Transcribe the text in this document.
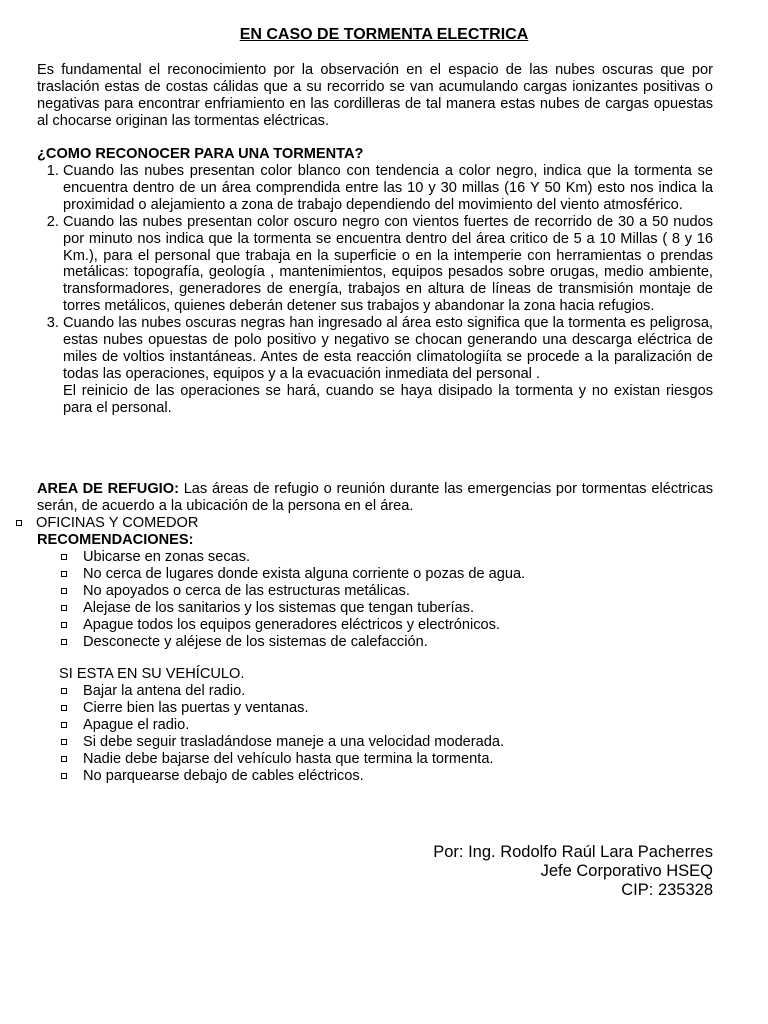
EN CASO DE TORMENTA ELECTRICA

Es fundamental el reconocimiento por la observación en el espacio de las nubes oscuras que por traslación estas de costas cálidas que a su recorrido se van acumulando cargas ionizantes positivas o negativas para encontrar enfriamiento en las cordilleras de tal manera estas nubes de cargas opuestas al chocarse originan las tormentas eléctricas.

¿COMO RECONOCER PARA UNA TORMENTA?
1. Cuando las nubes presentan color blanco con tendencia a color negro, indica que la tormenta se encuentra dentro de un área comprendida entre las 10 y 30 millas (16 Y 50 Km) esto nos indica la proximidad o alejamiento a zona de trabajo dependiendo del movimiento del viento atmosférico.
2. Cuando las nubes presentan color oscuro negro con vientos fuertes de recorrido de 30 a 50 nudos por minuto nos indica que la tormenta se encuentra dentro del área critico de 5 a 10 Millas ( 8 y 16 Km.), para el personal que trabaja en la superficie o en la intemperie con herramientas o prendas metálicas: topografía, geología , mantenimientos, equipos pesados sobre orugas, medio ambiente, transformadores, generadores de energía, trabajos en altura de líneas de transmisión montaje de torres metálicos, quienes deberán detener sus trabajos y abandonar la zona hacia refugios.
3. Cuando las nubes oscuras negras han ingresado al área esto significa que la tormenta es peligrosa, estas nubes opuestas de polo positivo y negativo se chocan generando una descarga eléctrica de miles de voltios instantáneas. Antes de esta reacción climatologiíta se procede a la paralización de todas las operaciones, equipos y a la evacuación inmediata del personal .
El reinicio de las operaciones se hará, cuando se haya disipado la tormenta y no existan riesgos para el personal.

AREA DE REFUGIO: Las áreas de refugio o reunión durante las emergencias por tormentas eléctricas serán, de acuerdo a la ubicación de la persona en el área.

OFICINAS Y COMEDOR
RECOMENDACIONES:
Ubicarse en zonas secas.
No cerca de lugares donde exista alguna corriente o pozas de agua.
No apoyados o cerca de las estructuras metálicas.
Alejase de los sanitarios y los sistemas que tengan tuberías.
Apague todos los equipos generadores eléctricos y electrónicos.
Desconecte y aléjese de los sistemas de calefacción.
SI ESTA EN SU VEHÍCULO.
Bajar la antena del radio.
Cierre bien las puertas y ventanas.
Apague el radio.
Si debe seguir trasladándose maneje a una velocidad moderada.
Nadie debe bajarse del vehículo hasta que termina la tormenta.
No parquearse debajo de cables eléctricos.
Por: Ing. Rodolfo Raúl Lara Pacherres
Jefe Corporativo HSEQ
CIP: 235328
